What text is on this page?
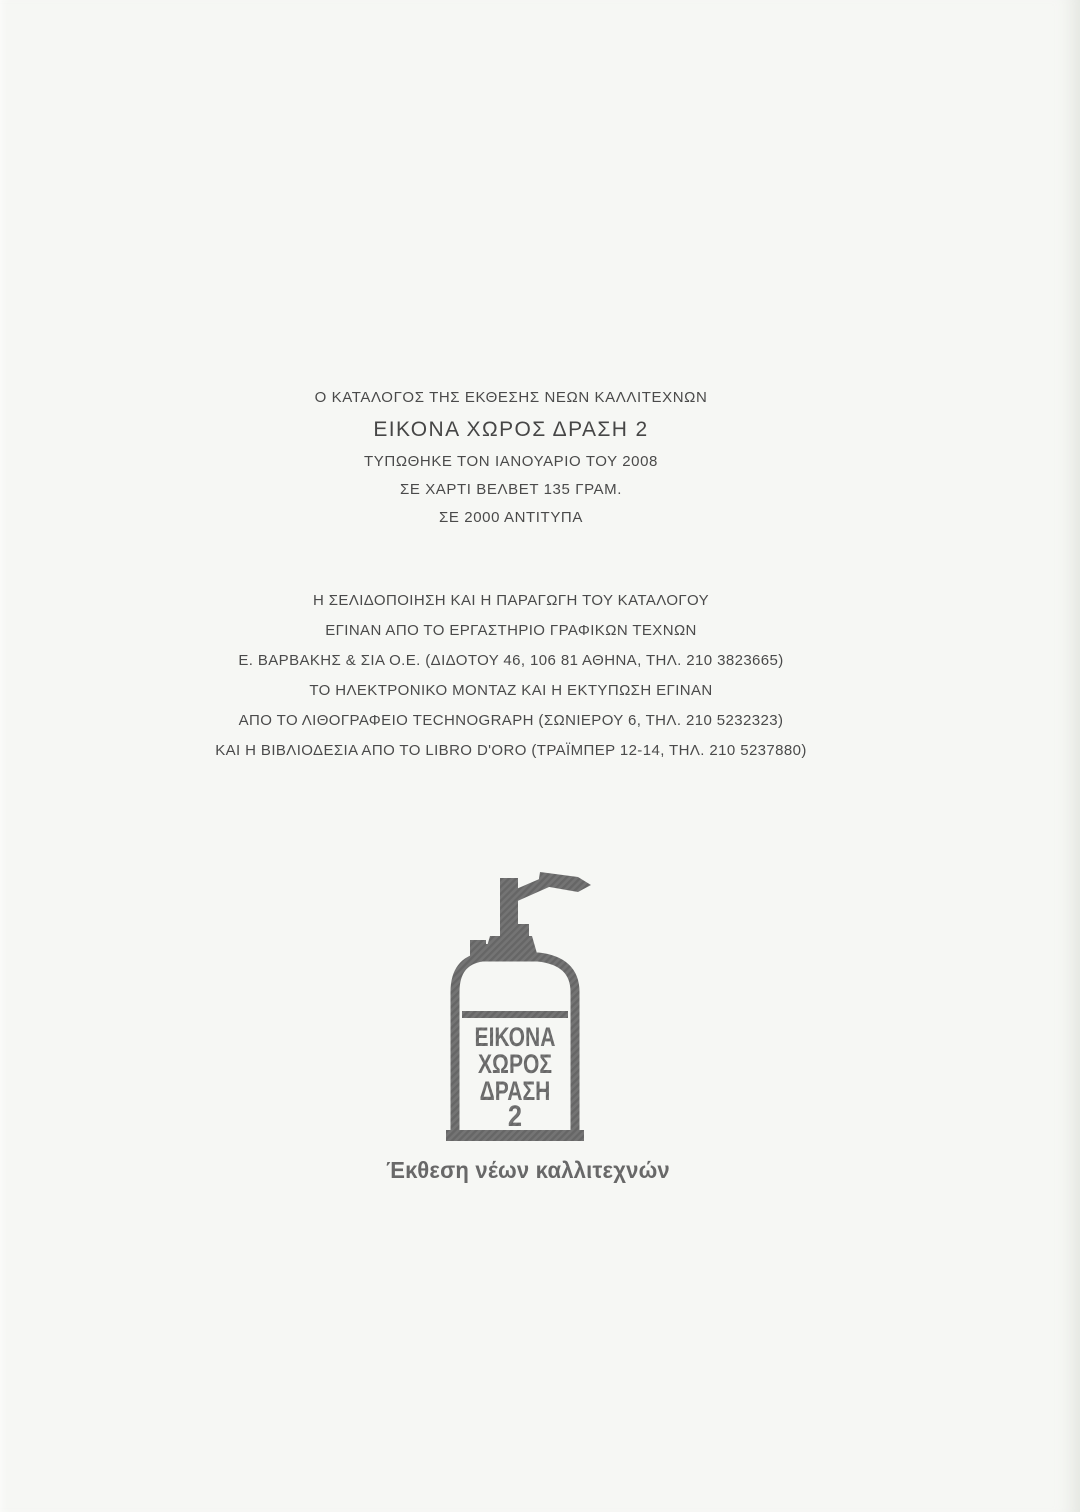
Ο ΚΑΤΑΛΟΓΟΣ ΤΗΣ ΕΚΘΕΣΗΣ ΝΕΩΝ ΚΑΛΛΙΤΕΧΝΩΝ
ΕΙΚΟΝΑ ΧΩΡΟΣ ΔΡΑΣΗ 2
ΤΥΠΩΘΗΚΕ ΤΟΝ ΙΑΝΟΥΑΡΙΟ ΤΟΥ 2008
ΣΕ ΧΑΡΤΙ ΒΕΛΒΕΤ 135 ΓΡΑΜ.
ΣΕ 2000 ΑΝΤΙΤΥΠΑ
Η ΣΕΛΙΔΟΠΟΙΗΣΗ ΚΑΙ Η ΠΑΡΑΓΩΓΗ ΤΟΥ ΚΑΤΑΛΟΓΟΥ
ΕΓΙΝΑΝ ΑΠΟ ΤΟ ΕΡΓΑΣΤΗΡΙΟ ΓΡΑΦΙΚΩΝ ΤΕΧΝΩΝ
Ε. ΒΑΡΒΑΚΗΣ & ΣΙΑ Ο.Ε. (ΔΙΔΟΤΟΥ 46, 106 81 ΑΘΗΝΑ, ΤΗΛ. 210 3823665)
ΤΟ ΗΛΕΚΤΡΟΝΙΚΟ ΜΟΝΤΑΖ ΚΑΙ Η ΕΚΤΥΠΩΣΗ ΕΓΙΝΑΝ
ΑΠΟ ΤΟ ΛΙΘΟΓΡΑΦΕΙΟ TECHNOGRAPH (ΣΩΝΙΕΡΟΥ 6, ΤΗΛ. 210 5232323)
ΚΑΙ Η ΒΙΒΛΙΟΔΕΣΙΑ ΑΠΟ ΤΟ LIBRO D'ORO (ΤΡΑΪΜΠΕΡ 12-14, ΤΗΛ. 210 5237880)
ΕΙΚΟΝΑ
ΧΩΡΟΣ
ΔΡΑΣΗ
2
Έκθεση νέων καλλιτεχνών
